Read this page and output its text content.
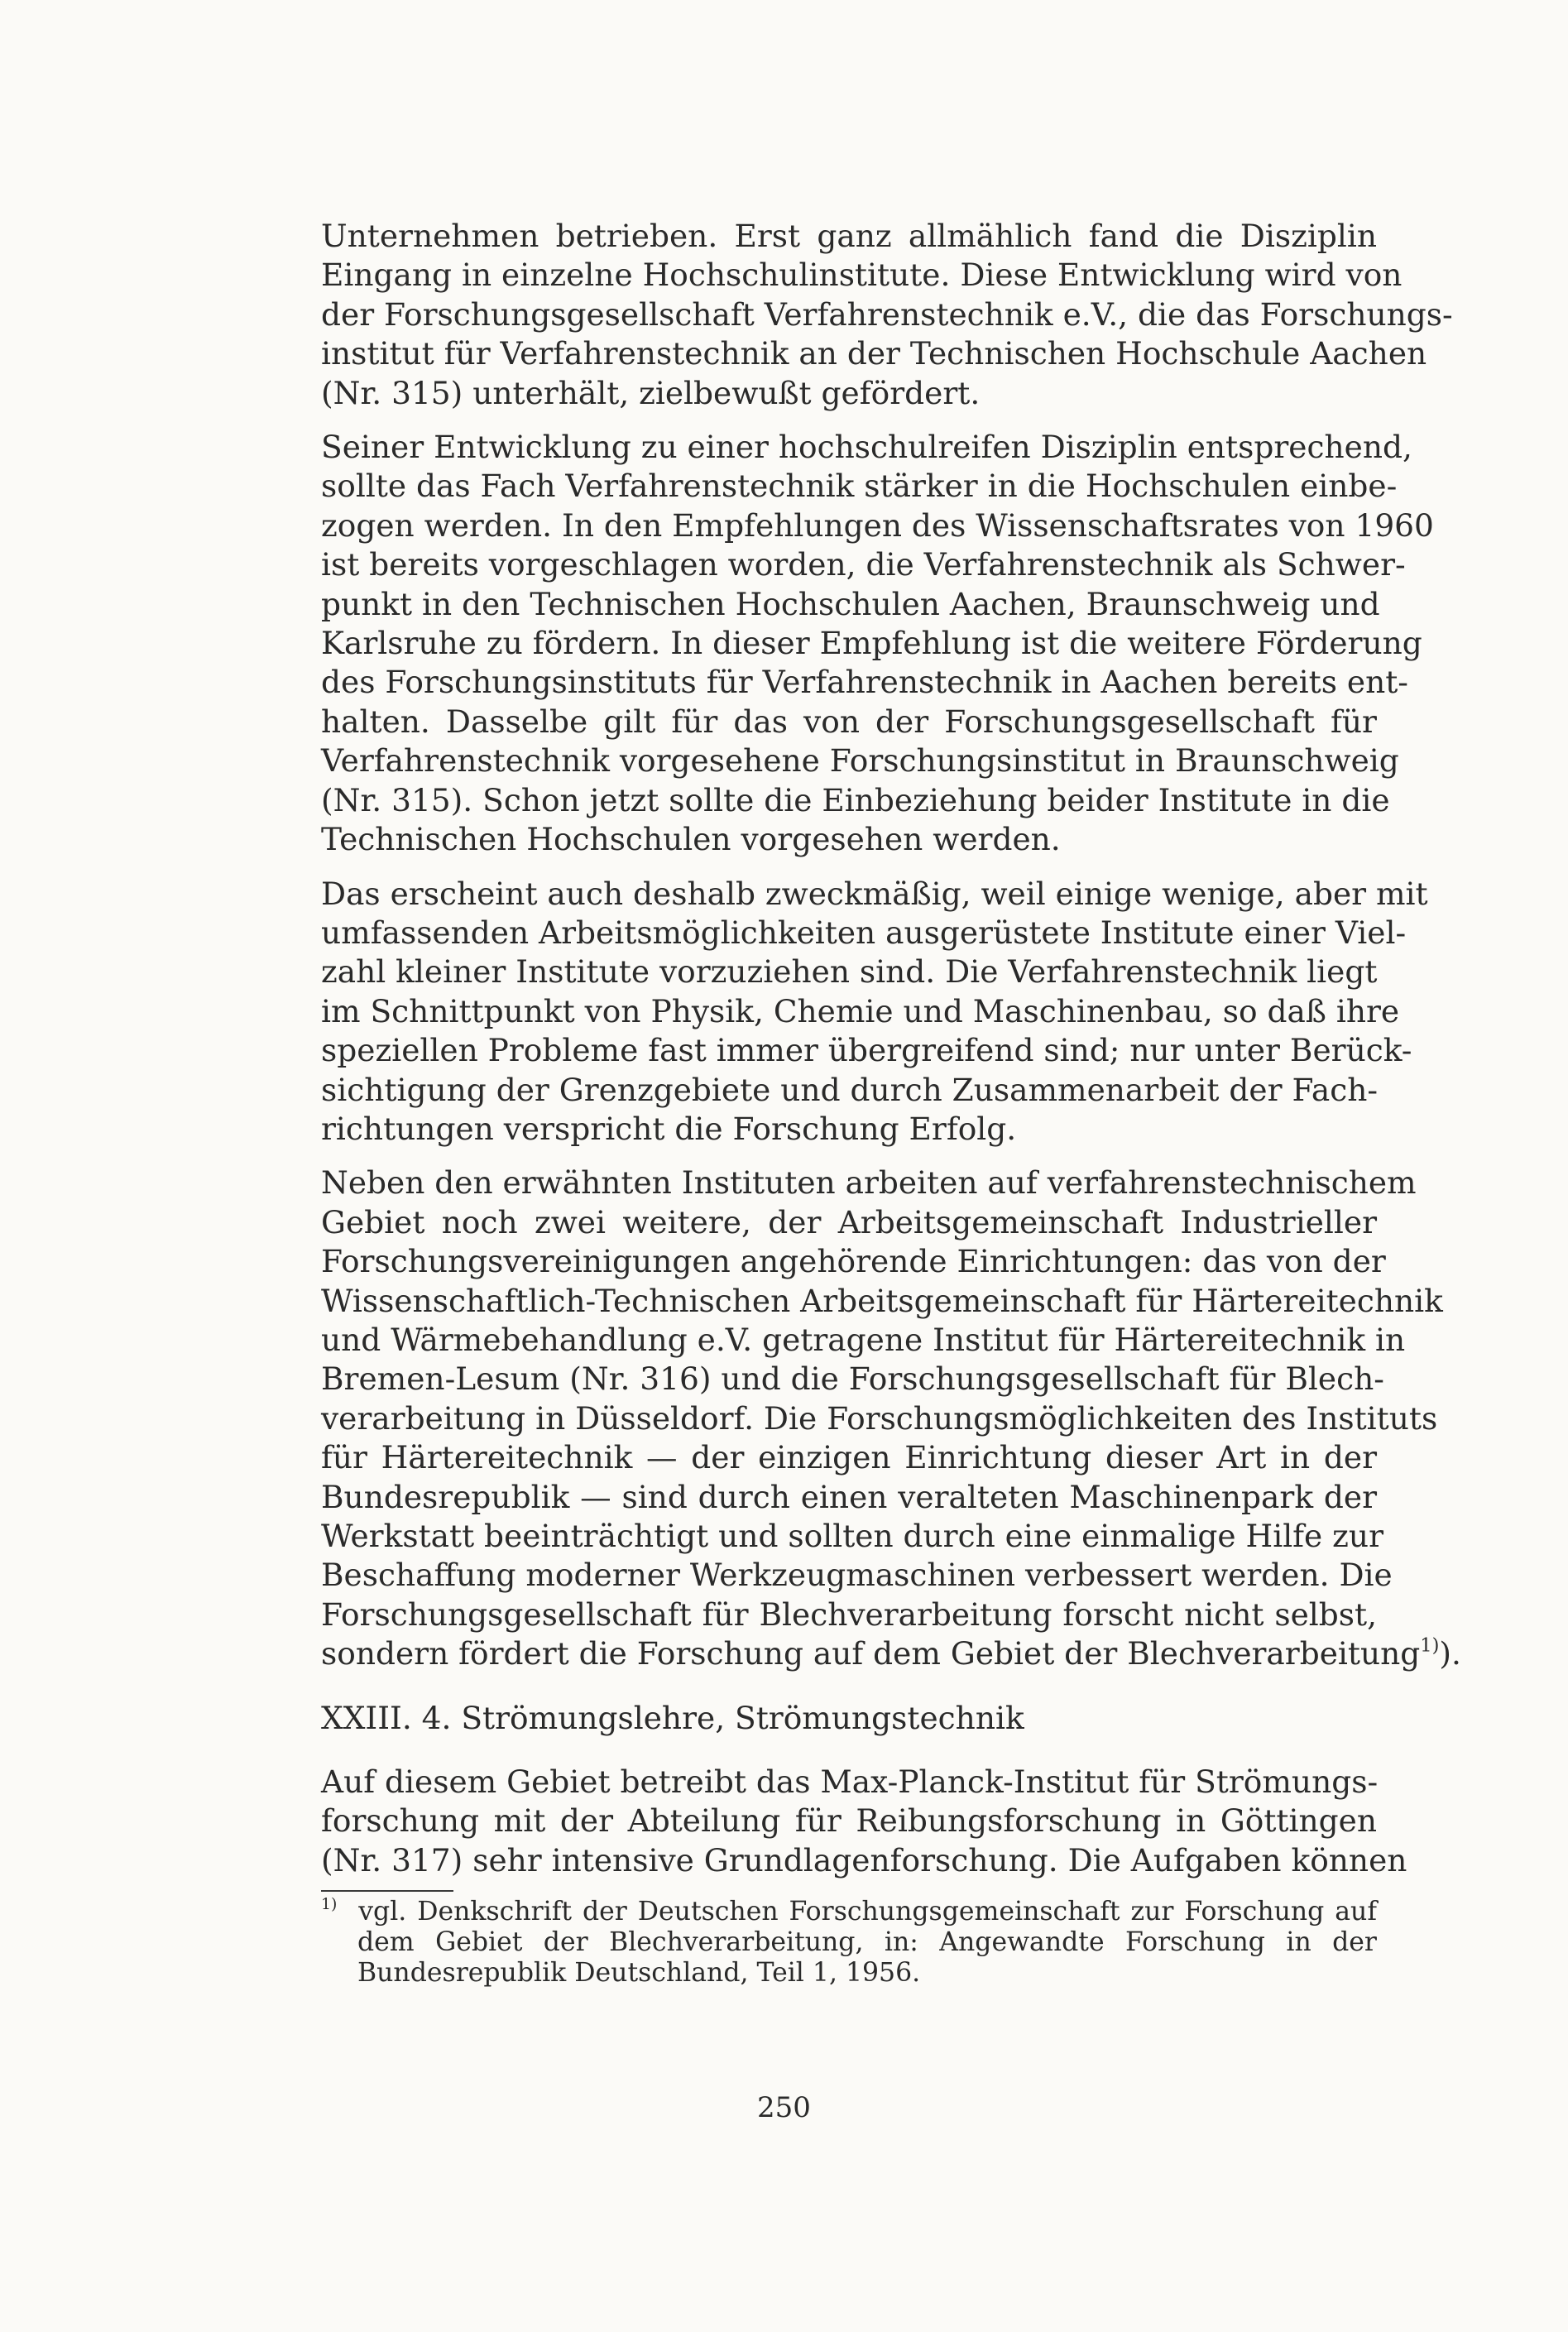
Unternehmen betrieben. Erst ganz allmählich fand die Disziplin
Eingang in einzelne Hochschulinstitute. Diese Entwicklung wird von
der Forschungsgesellschaft Verfahrenstechnik e.V., die das Forschungs-
institut für Verfahrenstechnik an der Technischen Hochschule Aachen
(Nr. 315) unterhält, zielbewußt gefördert.
Seiner Entwicklung zu einer hochschulreifen Disziplin entsprechend,
sollte das Fach Verfahrenstechnik stärker in die Hochschulen einbe-
zogen werden. In den Empfehlungen des Wissenschaftsrates von 1960
ist bereits vorgeschlagen worden, die Verfahrenstechnik als Schwer-
punkt in den Technischen Hochschulen Aachen, Braunschweig und
Karlsruhe zu fördern. In dieser Empfehlung ist die weitere Förderung
des Forschungsinstituts für Verfahrenstechnik in Aachen bereits ent-
halten. Dasselbe gilt für das von der Forschungsgesellschaft für
Verfahrenstechnik vorgesehene Forschungsinstitut in Braunschweig
(Nr. 315). Schon jetzt sollte die Einbeziehung beider Institute in die
Technischen Hochschulen vorgesehen werden.
Das erscheint auch deshalb zweckmäßig, weil einige wenige, aber mit
umfassenden Arbeitsmöglichkeiten ausgerüstete Institute einer Viel-
zahl kleiner Institute vorzuziehen sind. Die Verfahrenstechnik liegt
im Schnittpunkt von Physik, Chemie und Maschinenbau, so daß ihre
speziellen Probleme fast immer übergreifend sind; nur unter Berück-
sichtigung der Grenzgebiete und durch Zusammenarbeit der Fach-
richtungen verspricht die Forschung Erfolg.
Neben den erwähnten Instituten arbeiten auf verfahrenstechnischem
Gebiet noch zwei weitere, der Arbeitsgemeinschaft Industrieller
Forschungsvereinigungen angehörende Einrichtungen: das von der
Wissenschaftlich-Technischen Arbeitsgemeinschaft für Härtereitechnik
und Wärmebehandlung e.V. getragene Institut für Härtereitechnik in
Bremen-Lesum (Nr. 316) und die Forschungsgesellschaft für Blech-
verarbeitung in Düsseldorf. Die Forschungsmöglichkeiten des Instituts
für Härtereitechnik — der einzigen Einrichtung dieser Art in der
Bundesrepublik — sind durch einen veralteten Maschinenpark der
Werkstatt beeinträchtigt und sollten durch eine einmalige Hilfe zur
Beschaffung moderner Werkzeugmaschinen verbessert werden. Die
Forschungsgesellschaft für Blechverarbeitung forscht nicht selbst,
sondern fördert die Forschung auf dem Gebiet der Blechverarbeitung$^{1)}$).
XXIII. 4. Strömungslehre, Strömungstechnik
Auf diesem Gebiet betreibt das Max-Planck-Institut für Strömungs-
forschung mit der Abteilung für Reibungsforschung in Göttingen
(Nr. 317) sehr intensive Grundlagenforschung. Die Aufgaben können
$^{1)}$ vgl. Denkschrift der Deutschen Forschungsgemeinschaft zur Forschung auf
dem Gebiet der Blechverarbeitung, in: Angewandte Forschung in der
Bundesrepublik Deutschland, Teil 1, 1956.
250
